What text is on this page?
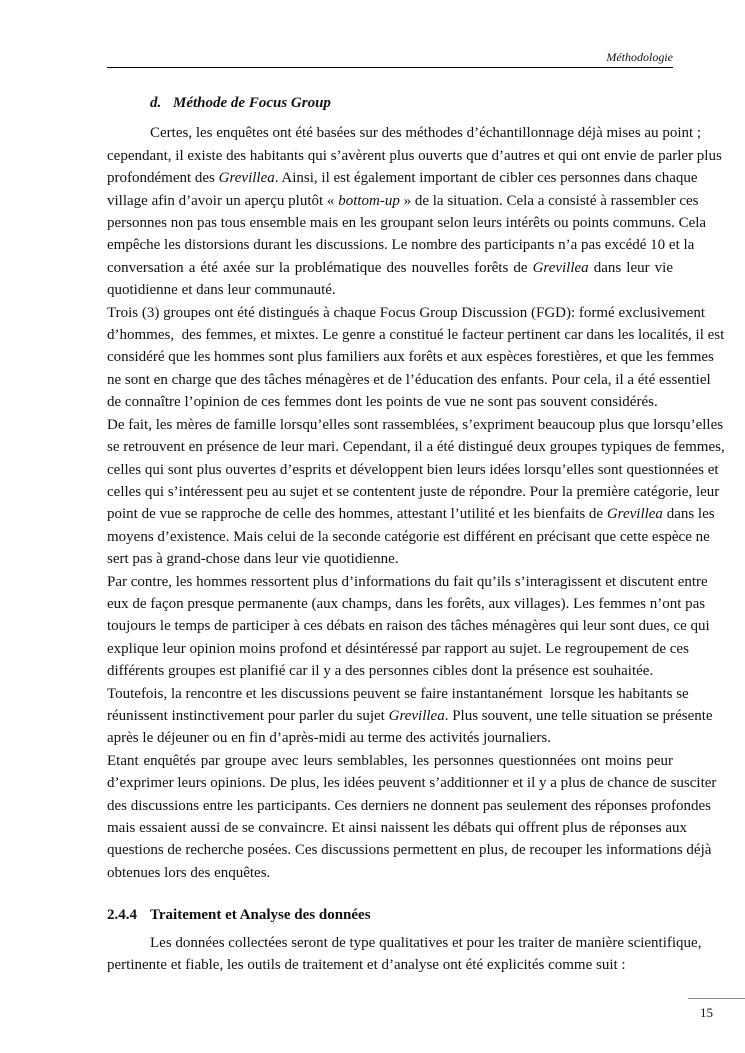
Méthodologie
d. Méthode de Focus Group
Certes, les enquêtes ont été basées sur des méthodes d’échantillonnage déjà mises au point ;
cependant, il existe des habitants qui s’avèrent plus ouverts que d’autres et qui ont envie de parler plus
profondément des Grevillea. Ainsi, il est également important de cibler ces personnes dans chaque
village afin d’avoir un aperçu plutôt « bottom-up » de la situation. Cela a consisté à rassembler ces
personnes non pas tous ensemble mais en les groupant selon leurs intérêts ou points communs. Cela
empêche les distorsions durant les discussions. Le nombre des participants n’a pas excédé 10 et la
conversation a été axée sur la problématique des nouvelles forêts de Grevillea dans leur vie
quotidienne et dans leur communauté.
Trois (3) groupes ont été distingués à chaque Focus Group Discussion (FGD): formé exclusivement
d’hommes,  des femmes, et mixtes. Le genre a constitué le facteur pertinent car dans les localités, il est
considéré que les hommes sont plus familiers aux forêts et aux espèces forestières, et que les femmes
ne sont en charge que des tâches ménagères et de l’éducation des enfants. Pour cela, il a été essentiel
de connaître l’opinion de ces femmes dont les points de vue ne sont pas souvent considérés.
De fait, les mères de famille lorsqu’elles sont rassemblées, s’expriment beaucoup plus que lorsqu’elles
se retrouvent en présence de leur mari. Cependant, il a été distingué deux groupes typiques de femmes,
celles qui sont plus ouvertes d’esprits et développent bien leurs idées lorsqu’elles sont questionnées et
celles qui s’intéressent peu au sujet et se contentent juste de répondre. Pour la première catégorie, leur
point de vue se rapproche de celle des hommes, attestant l’utilité et les bienfaits de Grevillea dans les
moyens d’existence. Mais celui de la seconde catégorie est différent en précisant que cette espèce ne
sert pas à grand-chose dans leur vie quotidienne.
Par contre, les hommes ressortent plus d’informations du fait qu’ils s’interagissent et discutent entre
eux de façon presque permanente (aux champs, dans les forêts, aux villages). Les femmes n’ont pas
toujours le temps de participer à ces débats en raison des tâches ménagères qui leur sont dues, ce qui
explique leur opinion moins profond et désintéressé par rapport au sujet. Le regroupement de ces
différents groupes est planifié car il y a des personnes cibles dont la présence est souhaitée.
Toutefois, la rencontre et les discussions peuvent se faire instantanément  lorsque les habitants se
réunissent instinctivement pour parler du sujet Grevillea. Plus souvent, une telle situation se présente
après le déjeuner ou en fin d’après-midi au terme des activités journaliers.
Etant enquêtés par groupe avec leurs semblables, les personnes questionnées ont moins peur
d’exprimer leurs opinions. De plus, les idées peuvent s’additionner et il y a plus de chance de susciter
des discussions entre les participants. Ces derniers ne donnent pas seulement des réponses profondes
mais essaient aussi de se convaincre. Et ainsi naissent les débats qui offrent plus de réponses aux
questions de recherche posées. Ces discussions permettent en plus, de recouper les informations déjà
obtenues lors des enquêtes.
2.4.4 Traitement et Analyse des données
Les données collectées seront de type qualitatives et pour les traiter de manière scientifique,
pertinente et fiable, les outils de traitement et d’analyse ont été explicités comme suit :
15
